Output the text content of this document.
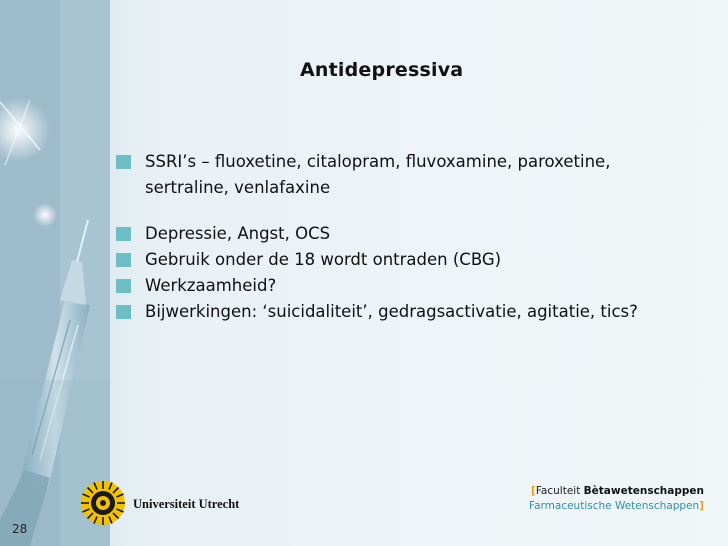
Antidepressiva
SSRI’s – fluoxetine, citalopram, fluvoxamine, paroxetine,
sertraline, venlafaxine
Depressie, Angst, OCS
Gebruik onder de 18 wordt ontraden (CBG)
Werkzaamheid?
Bijwerkingen: ‘suicidaliteit’, gedragsactivatie, agitatie, tics?
Universiteit Utrecht
[Faculteit Bètawetenschappen
Farmaceutische Wetenschappen]
28
